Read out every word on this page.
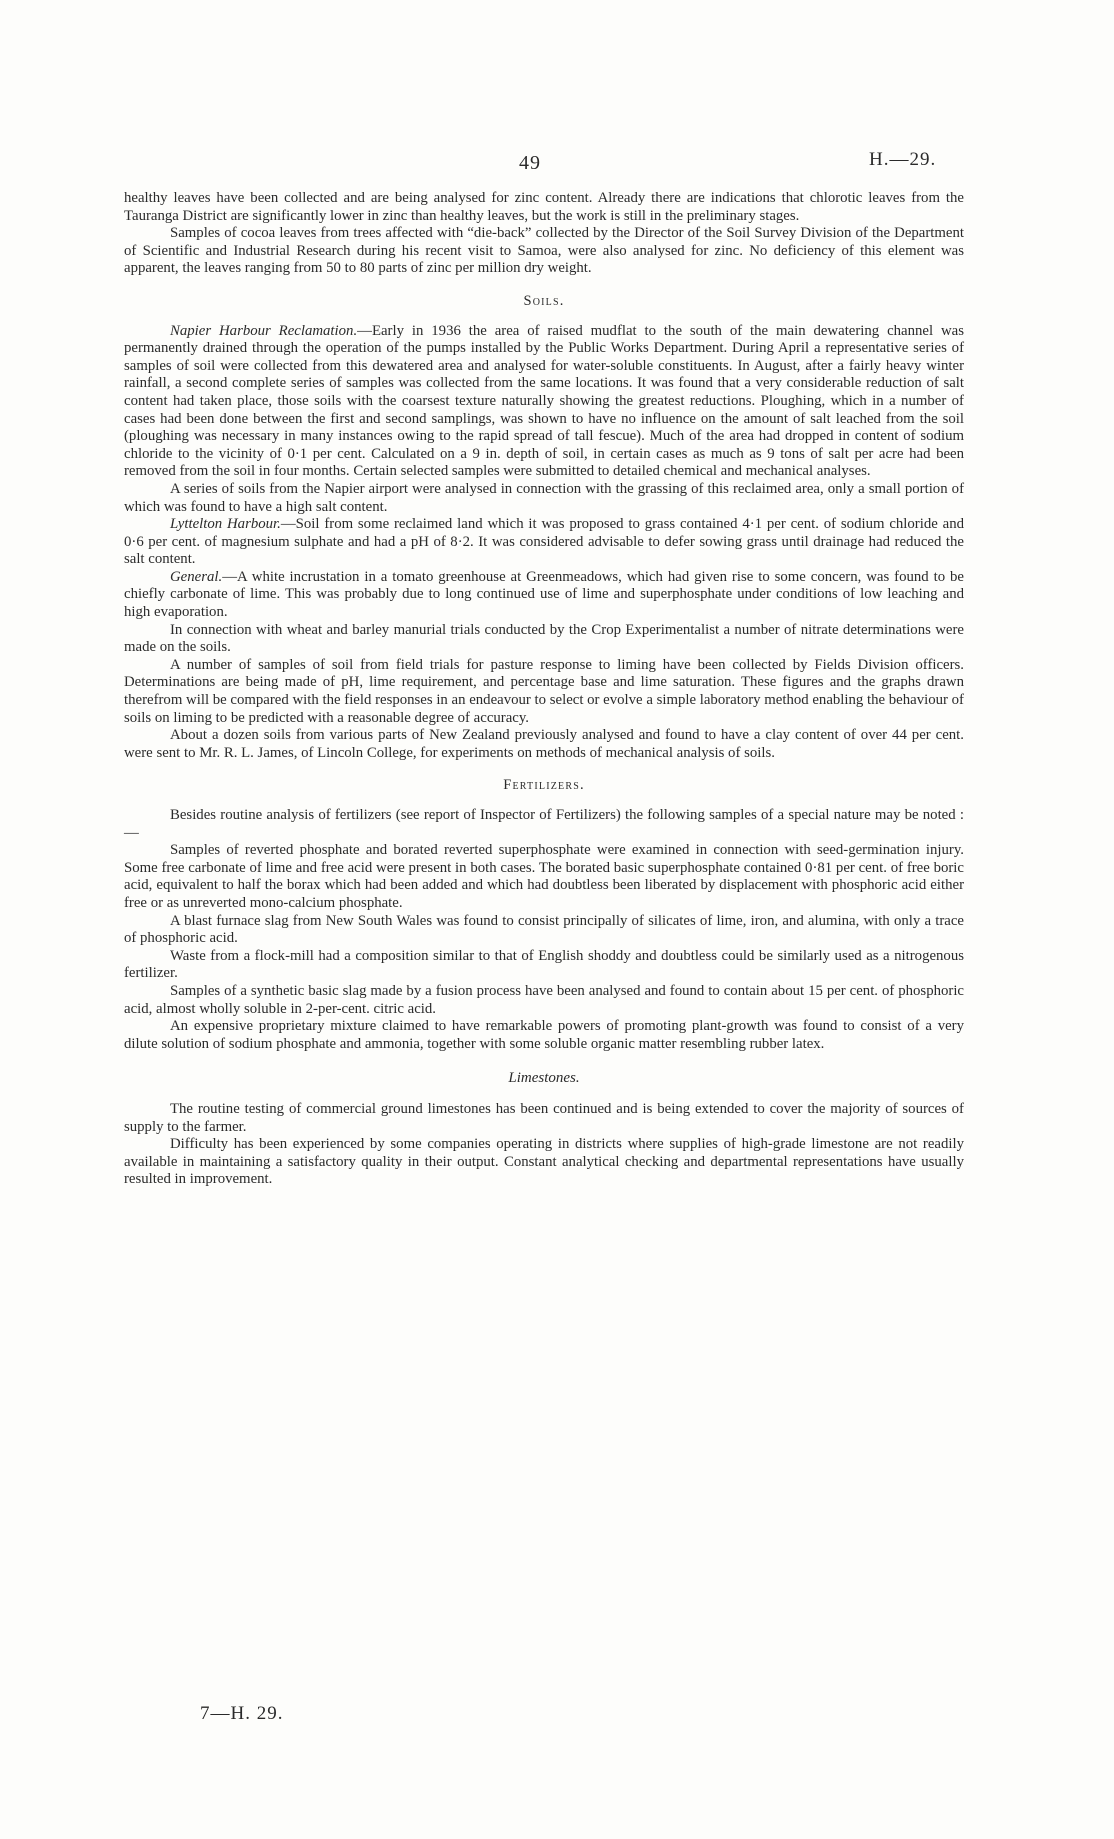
49	H.—29.

healthy leaves have been collected and are being analysed for zinc content. Already there are indications that chlorotic leaves from the Tauranga District are significantly lower in zinc than healthy leaves, but the work is still in the preliminary stages.

Samples of cocoa leaves from trees affected with “die-back” collected by the Director of the Soil Survey Division of the Department of Scientific and Industrial Research during his recent visit to Samoa, were also analysed for zinc. No deficiency of this element was apparent, the leaves ranging from 50 to 80 parts of zinc per million dry weight.

Soils.

Napier Harbour Reclamation.—Early in 1936 the area of raised mudflat to the south of the main dewatering channel was permanently drained through the operation of the pumps installed by the Public Works Department. During April a representative series of samples of soil were collected from this dewatered area and analysed for water-soluble constituents. In August, after a fairly heavy winter rainfall, a second complete series of samples was collected from the same locations. It was found that a very considerable reduction of salt content had taken place, those soils with the coarsest texture naturally showing the greatest reductions. Ploughing, which in a number of cases had been done between the first and second samplings, was shown to have no influence on the amount of salt leached from the soil (ploughing was necessary in many instances owing to the rapid spread of tall fescue). Much of the area had dropped in content of sodium chloride to the vicinity of 0·1 per cent. Calculated on a 9 in. depth of soil, in certain cases as much as 9 tons of salt per acre had been removed from the soil in four months. Certain selected samples were submitted to detailed chemical and mechanical analyses.

A series of soils from the Napier airport were analysed in connection with the grassing of this reclaimed area, only a small portion of which was found to have a high salt content.

Lyttelton Harbour.—Soil from some reclaimed land which it was proposed to grass contained 4·1 per cent. of sodium chloride and 0·6 per cent. of magnesium sulphate and had a pH of 8·2. It was considered advisable to defer sowing grass until drainage had reduced the salt content.

General.—A white incrustation in a tomato greenhouse at Greenmeadows, which had given rise to some concern, was found to be chiefly carbonate of lime. This was probably due to long continued use of lime and superphosphate under conditions of low leaching and high evaporation.

In connection with wheat and barley manurial trials conducted by the Crop Experimentalist a number of nitrate determinations were made on the soils.

A number of samples of soil from field trials for pasture response to liming have been collected by Fields Division officers. Determinations are being made of pH, lime requirement, and percentage base and lime saturation. These figures and the graphs drawn therefrom will be compared with the field responses in an endeavour to select or evolve a simple laboratory method enabling the behaviour of soils on liming to be predicted with a reasonable degree of accuracy.

About a dozen soils from various parts of New Zealand previously analysed and found to have a clay content of over 44 per cent. were sent to Mr. R. L. James, of Lincoln College, for experiments on methods of mechanical analysis of soils.

Fertilizers.

Besides routine analysis of fertilizers (see report of Inspector of Fertilizers) the following samples of a special nature may be noted :—

Samples of reverted phosphate and borated reverted superphosphate were examined in connection with seed-germination injury. Some free carbonate of lime and free acid were present in both cases. The borated basic superphosphate contained 0·81 per cent. of free boric acid, equivalent to half the borax which had been added and which had doubtless been liberated by displacement with phosphoric acid either free or as unreverted mono-calcium phosphate.

A blast furnace slag from New South Wales was found to consist principally of silicates of lime, iron, and alumina, with only a trace of phosphoric acid.

Waste from a flock-mill had a composition similar to that of English shoddy and doubtless could be similarly used as a nitrogenous fertilizer.

Samples of a synthetic basic slag made by a fusion process have been analysed and found to contain about 15 per cent. of phosphoric acid, almost wholly soluble in 2-per-cent. citric acid.

An expensive proprietary mixture claimed to have remarkable powers of promoting plant-growth was found to consist of a very dilute solution of sodium phosphate and ammonia, together with some soluble organic matter resembling rubber latex.

Limestones.

The routine testing of commercial ground limestones has been continued and is being extended to cover the majority of sources of supply to the farmer.

Difficulty has been experienced by some companies operating in districts where supplies of high-grade limestone are not readily available in maintaining a satisfactory quality in their output. Constant analytical checking and departmental representations have usually resulted in improvement.

7—H. 29.
